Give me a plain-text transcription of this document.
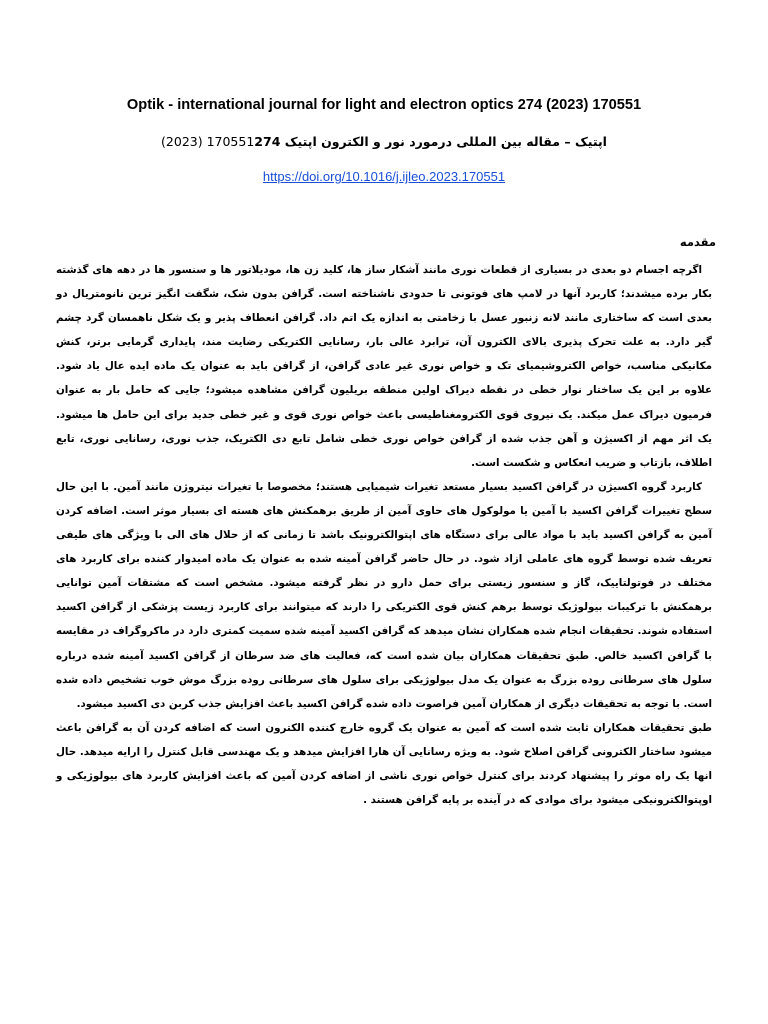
Optik - international journal for light and electron optics 274 (2023) 170551
اپتیک – مقاله بین المللی درمورد نور و الکترون اپتیک 274(2023) 170551
https://doi.org/10.1016/j.ijleo.2023.170551
مقدمه

اگرچه اجسام دو بعدی در بسیاری از قطعات نوری مانند آشکار ساز ها، کلید زن ها، مودیلاتور ها و سنسور ها در دهه های گذشته بکار برده میشدند؛ کاربرد آنها در لامپ های فوتونی تا حدودی ناشناخته است. گرافن بدون شک، شگفت انگیز ترین نانومتریال دو بعدی است که ساختاری مانند لانه زنبور عسل با زخامتی به اندازه یک اتم داد. گرافن انعطاف پذیر و یک شکل ناهمسان گرد چشم گیر دارد. به علت تحرک پذیری بالای الکترون آن، ترابرد عالی بار، رسانایی الکتریکی رضایت مند، پایداری گرمایی برتر، کنش مکانیکی مناسب، خواص الکتروشیمیای تک و خواص نوری غیر عادی گرافن، از گرافن باید به عنوان یک ماده ایده عال یاد شود. علاوه بر این یک ساختار نوار خطی در نقطه دیراک اولین منطقه بریلیون گرافن مشاهده میشود؛ جایی که حامل بار به عنوان فرمیون دیراک عمل میکند. یک نیروی قوی الکترومغناطیسی باعث خواص نوری قوی و غیر خطی جدید برای این حامل ها میشود. یک اثر مهم از اکسیژن و آهن جذب شده از گرافن خواص نوری خطی شامل تابع دی الکتریک، جذب نوری، رسانایی نوری، تابع اطلاف، بازتاب و ضریب انعکاس و شکست است.

کاربرد گروه اکسیژن در گرافن اکسید بسیار مستعد تغیرات شیمیایی هستند؛ مخصوصا با تغیرات نیتروژن مانند آمین. با این حال سطح تغییرات گرافن اکسید با آمین یا مولوکول های حاوی آمین از طریق برهمکنش های هسته ای بسیار موثر است. اضافه کردن آمین به گرافن اکسید باید با مواد عالی برای دستگاه های اپتوالکترونیک باشد تا زمانی که از حلال های الی با ویژگی های طیفی تعریف شده توسط گروه های عاملی ازاد شود. در حال حاضر گرافن آمینه شده به عنوان یک ماده امیدوار کننده برای کاربرد های مختلف در فوتولتاییک، گاز و سنسور زیستی برای حمل دارو در نظر گرفته میشود. مشخص است که مشتقات آمین توانایی برهمکنش با ترکیبات بیولوژیک توسط برهم کنش قوی الکتریکی را دارند که میتوانند برای کاربرد زیست پزشکی از گرافن اکسید استفاده شوند. تحقیقات انجام شده همکاران نشان میدهد که گرافن اکسید آمینه شده سمیت کمتری دارد در ماکروگراف در مقایسه با گرافن اکسید خالص. طبق تحقیقات همکاران بیان شده است که، فعالیت های ضد سرطان از گرافن اکسید آمینه شده درباره سلول های سرطانی روده بزرگ به عنوان یک مدل بیولوژیکی برای سلول های سرطانی روده بزرگ موش خوب تشخیص داده شده است. با توجه به تحقیقات دیگری از همکاران آمین فراصوت داده شده گرافن اکسید باعث افزایش جذب کربن دی اکسید میشود.

طبق تحقیقات همکاران ثابت شده است که آمین به عنوان یک گروه خارج کننده الکترون است که اضافه کردن آن به گرافن باعث میشود ساختار الکترونی گرافن اصلاح شود. به ویژه رسانایی آن هارا افزایش میدهد و یک مهندسی قابل کنترل را ارایه میدهد. حال انها یک راه موثر را پیشنهاد کردند برای کنترل خواص نوری ناشی از اضافه کردن آمین که باعث افزایش کاربرد های بیولوژیکی و اوپتوالکترونیکی میشود برای موادی که در آینده بر پایه گرافن هستند .
